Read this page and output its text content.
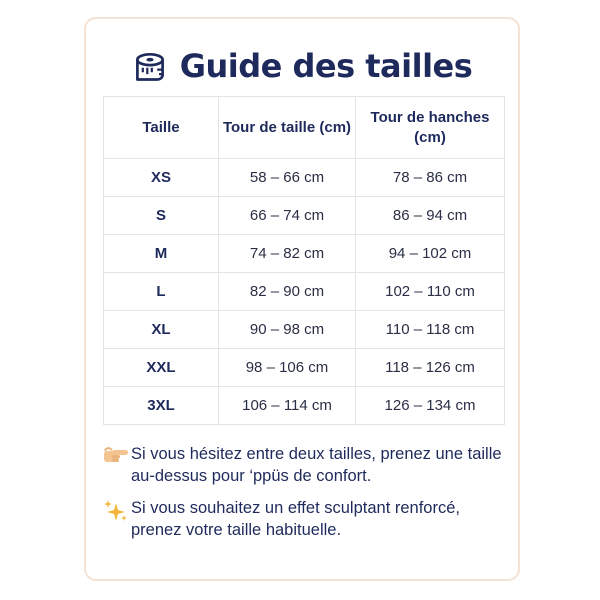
Guide des tailles
Taille	Tour de taille (cm)	Tour de hanches (cm)
XS	58 – 66 cm	78 – 86 cm
S	66 – 74 cm	86 – 94 cm
M	74 – 82 cm	94 – 102 cm
L	82 – 90 cm	102 – 110 cm
XL	90 – 98 cm	110 – 118 cm
XXL	98 – 106 cm	118 – 126 cm
3XL	106 – 114 cm	126 – 134 cm
Si vous hésitez entre deux tailles, prenez une taille au-dessus pour ‘ppüs de confort.
Si vous souhaitez un effet sculptant renforcé, prenez votre taille habituelle.
